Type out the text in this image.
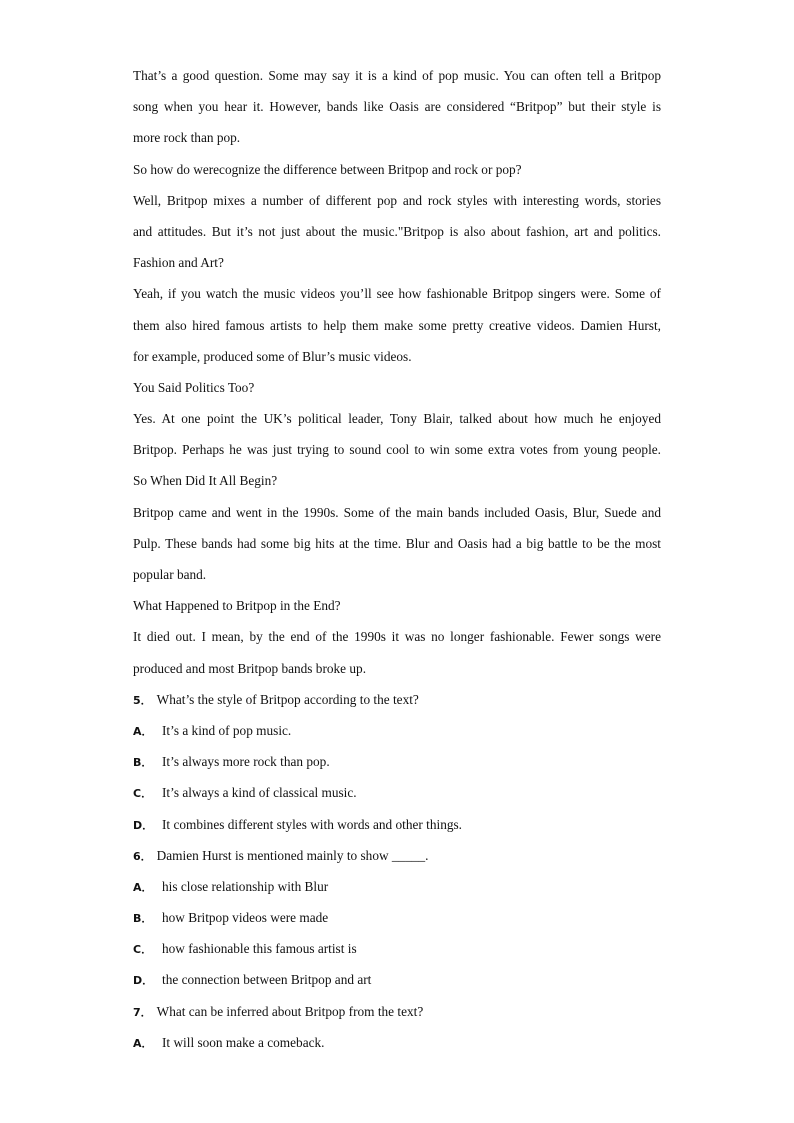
That’s a good question. Some may say it is a kind of pop music. You can often tell a Britpop
song when you hear it. However, bands like Oasis are considered “Britpop” but their style is
more rock than pop.
So how do werecognize the difference between Britpop and rock or pop?
Well, Britpop mixes a number of different pop and rock styles with interesting words, stories
and attitudes. But it’s not just about the music."Britpop is also about fashion, art and politics.
Fashion and Art?
Yeah, if you watch the music videos you’ll see how fashionable Britpop singers were. Some of
them also hired famous artists to help them make some pretty creative videos. Damien Hurst,
for example, produced some of Blur’s music videos.
You Said Politics Too?
Yes. At one point the UK’s political leader, Tony Blair, talked about how much he enjoyed
Britpop. Perhaps he was just trying to sound cool to win some extra votes from young people.
So When Did It All Begin?
Britpop came and went in the 1990s. Some of the main bands included Oasis, Blur, Suede and
Pulp. These bands had some big hits at the time. Blur and Oasis had a big battle to be the most
popular band.
What Happened to Britpop in the End?
It died out. I mean, by the end of the 1990s it was no longer fashionable. Fewer songs were
produced and most Britpop bands broke up.
5． What’s the style of Britpop according to the text?
A． It’s a kind of pop music.
B． It’s always more rock than pop.
C． It’s always a kind of classical music.
D． It combines different styles with words and other things.
6． Damien Hurst is mentioned mainly to show _____.
A． his close relationship with Blur
B． how Britpop videos were made
C． how fashionable this famous artist is
D． the connection between Britpop and art
7． What can be inferred about Britpop from the text?
A． It will soon make a comeback.
